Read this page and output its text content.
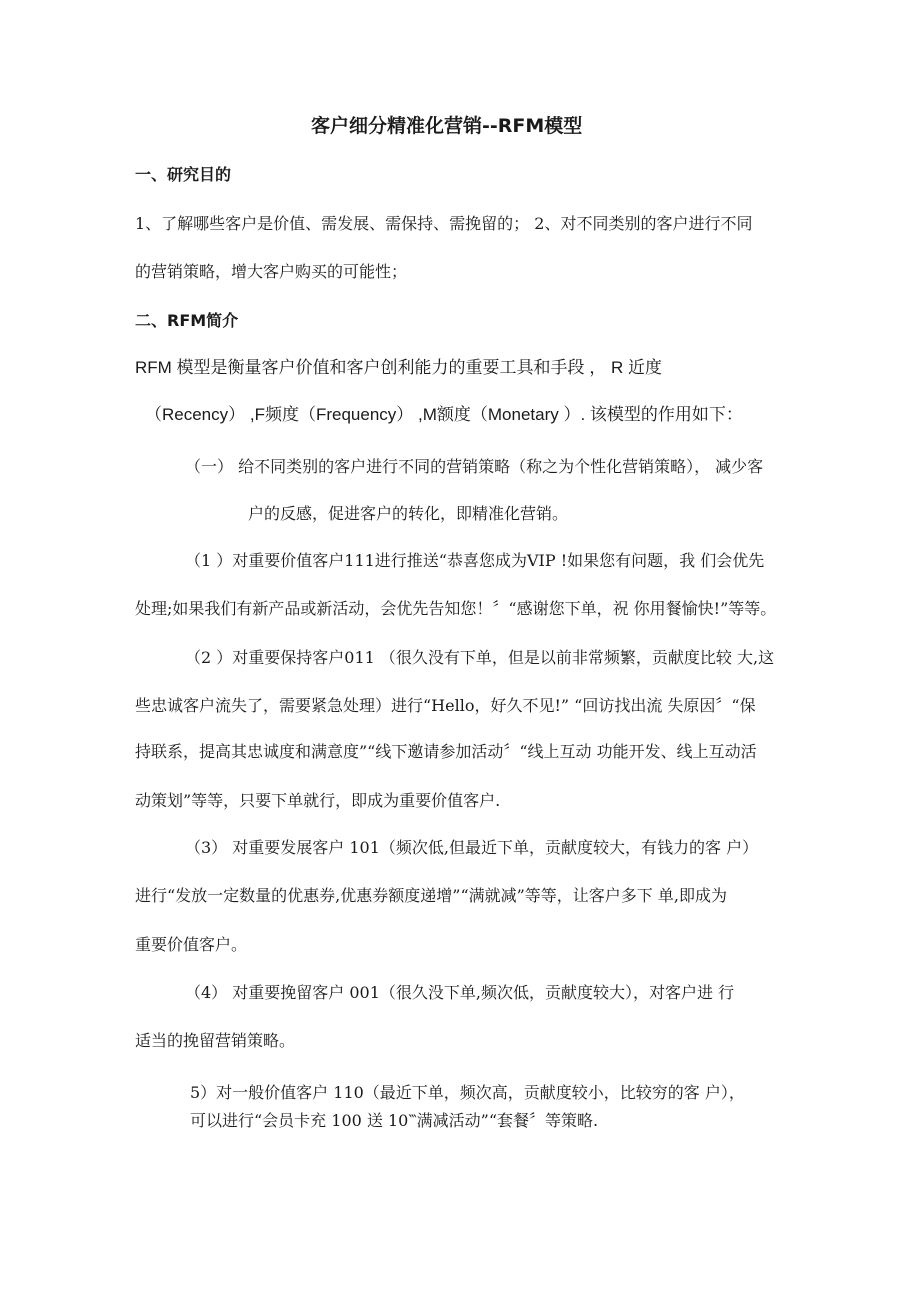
客户细分精准化营销--RFM模型
一、研究目的
1、了解哪些客户是价值、需发展、需保持、需挽留的； 2、对不同类别的客户进行不同
的营销策略，增大客户购买的可能性；
二、RFM简介
RFM 模型是衡量客户价值和客户创利能力的重要工具和手段 ， R 近度
（Recency） ,F频度（Frequency） ,M额度（Monetary ）. 该模型的作用如下：
（一） 给不同类别的客户进行不同的营销策略（称之为个性化营销策略）， 减少客
户的反感，促进客户的转化，即精准化营销。
（1 ）对重要价值客户111进行推送“恭喜您成为VIP !如果您有问题，我 们会优先
处理;如果我们有新产品或新活动，会优先告知您！〞“感谢您下单，祝 你用餐愉快!”等等。
（2 ）对重要保持客户011 （很久没有下单，但是以前非常频繁，贡献度比较 大,这
些忠诚客户流失了，需要紧急处理）进行“Hello，好久不见!” “回访找出流 失原因〞“保
持联系，提高其忠诚度和满意度”“线下邀请参加活动〞“线上互动 功能开发、线上互动活
动策划”等等，只要下单就行，即成为重要价值客户.
（3） 对重要发展客户 101（频次低,但最近下单，贡献度较大，有钱力的客 户）
进行“发放一定数量的优惠券,优惠券额度递增”“满就减”等等，让客户多下 单,即成为
重要价值客户。
（4） 对重要挽留客户 001（很久没下单,频次低，贡献度较大），对客户进 行
适当的挽留营销策略。
5）对一般价值客户 110（最近下单，频次高，贡献度较小，比较穷的客 户），
可以进行“会员卡充 100 送 10‷满减活动”“套餐〞等策略.
